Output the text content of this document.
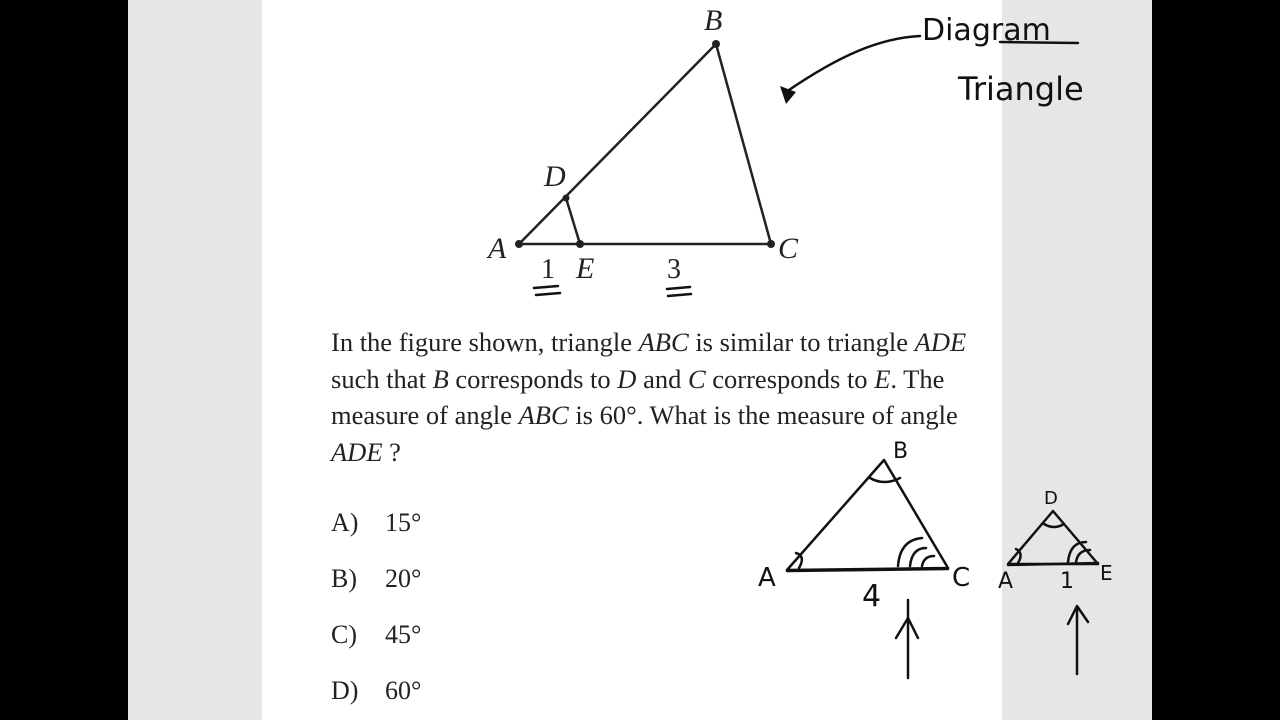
B
D
A
E
C
1	3
Diagram
Triangle
B
A	C
4
D
A	E
1
In the figure shown, triangle ABC is similar to triangle ADE such that B corresponds to D and C corresponds to E. The measure of angle ABC is 60°. What is the measure of angle ADE ?
A) 15°
B) 20°
C) 45°
D) 60°
